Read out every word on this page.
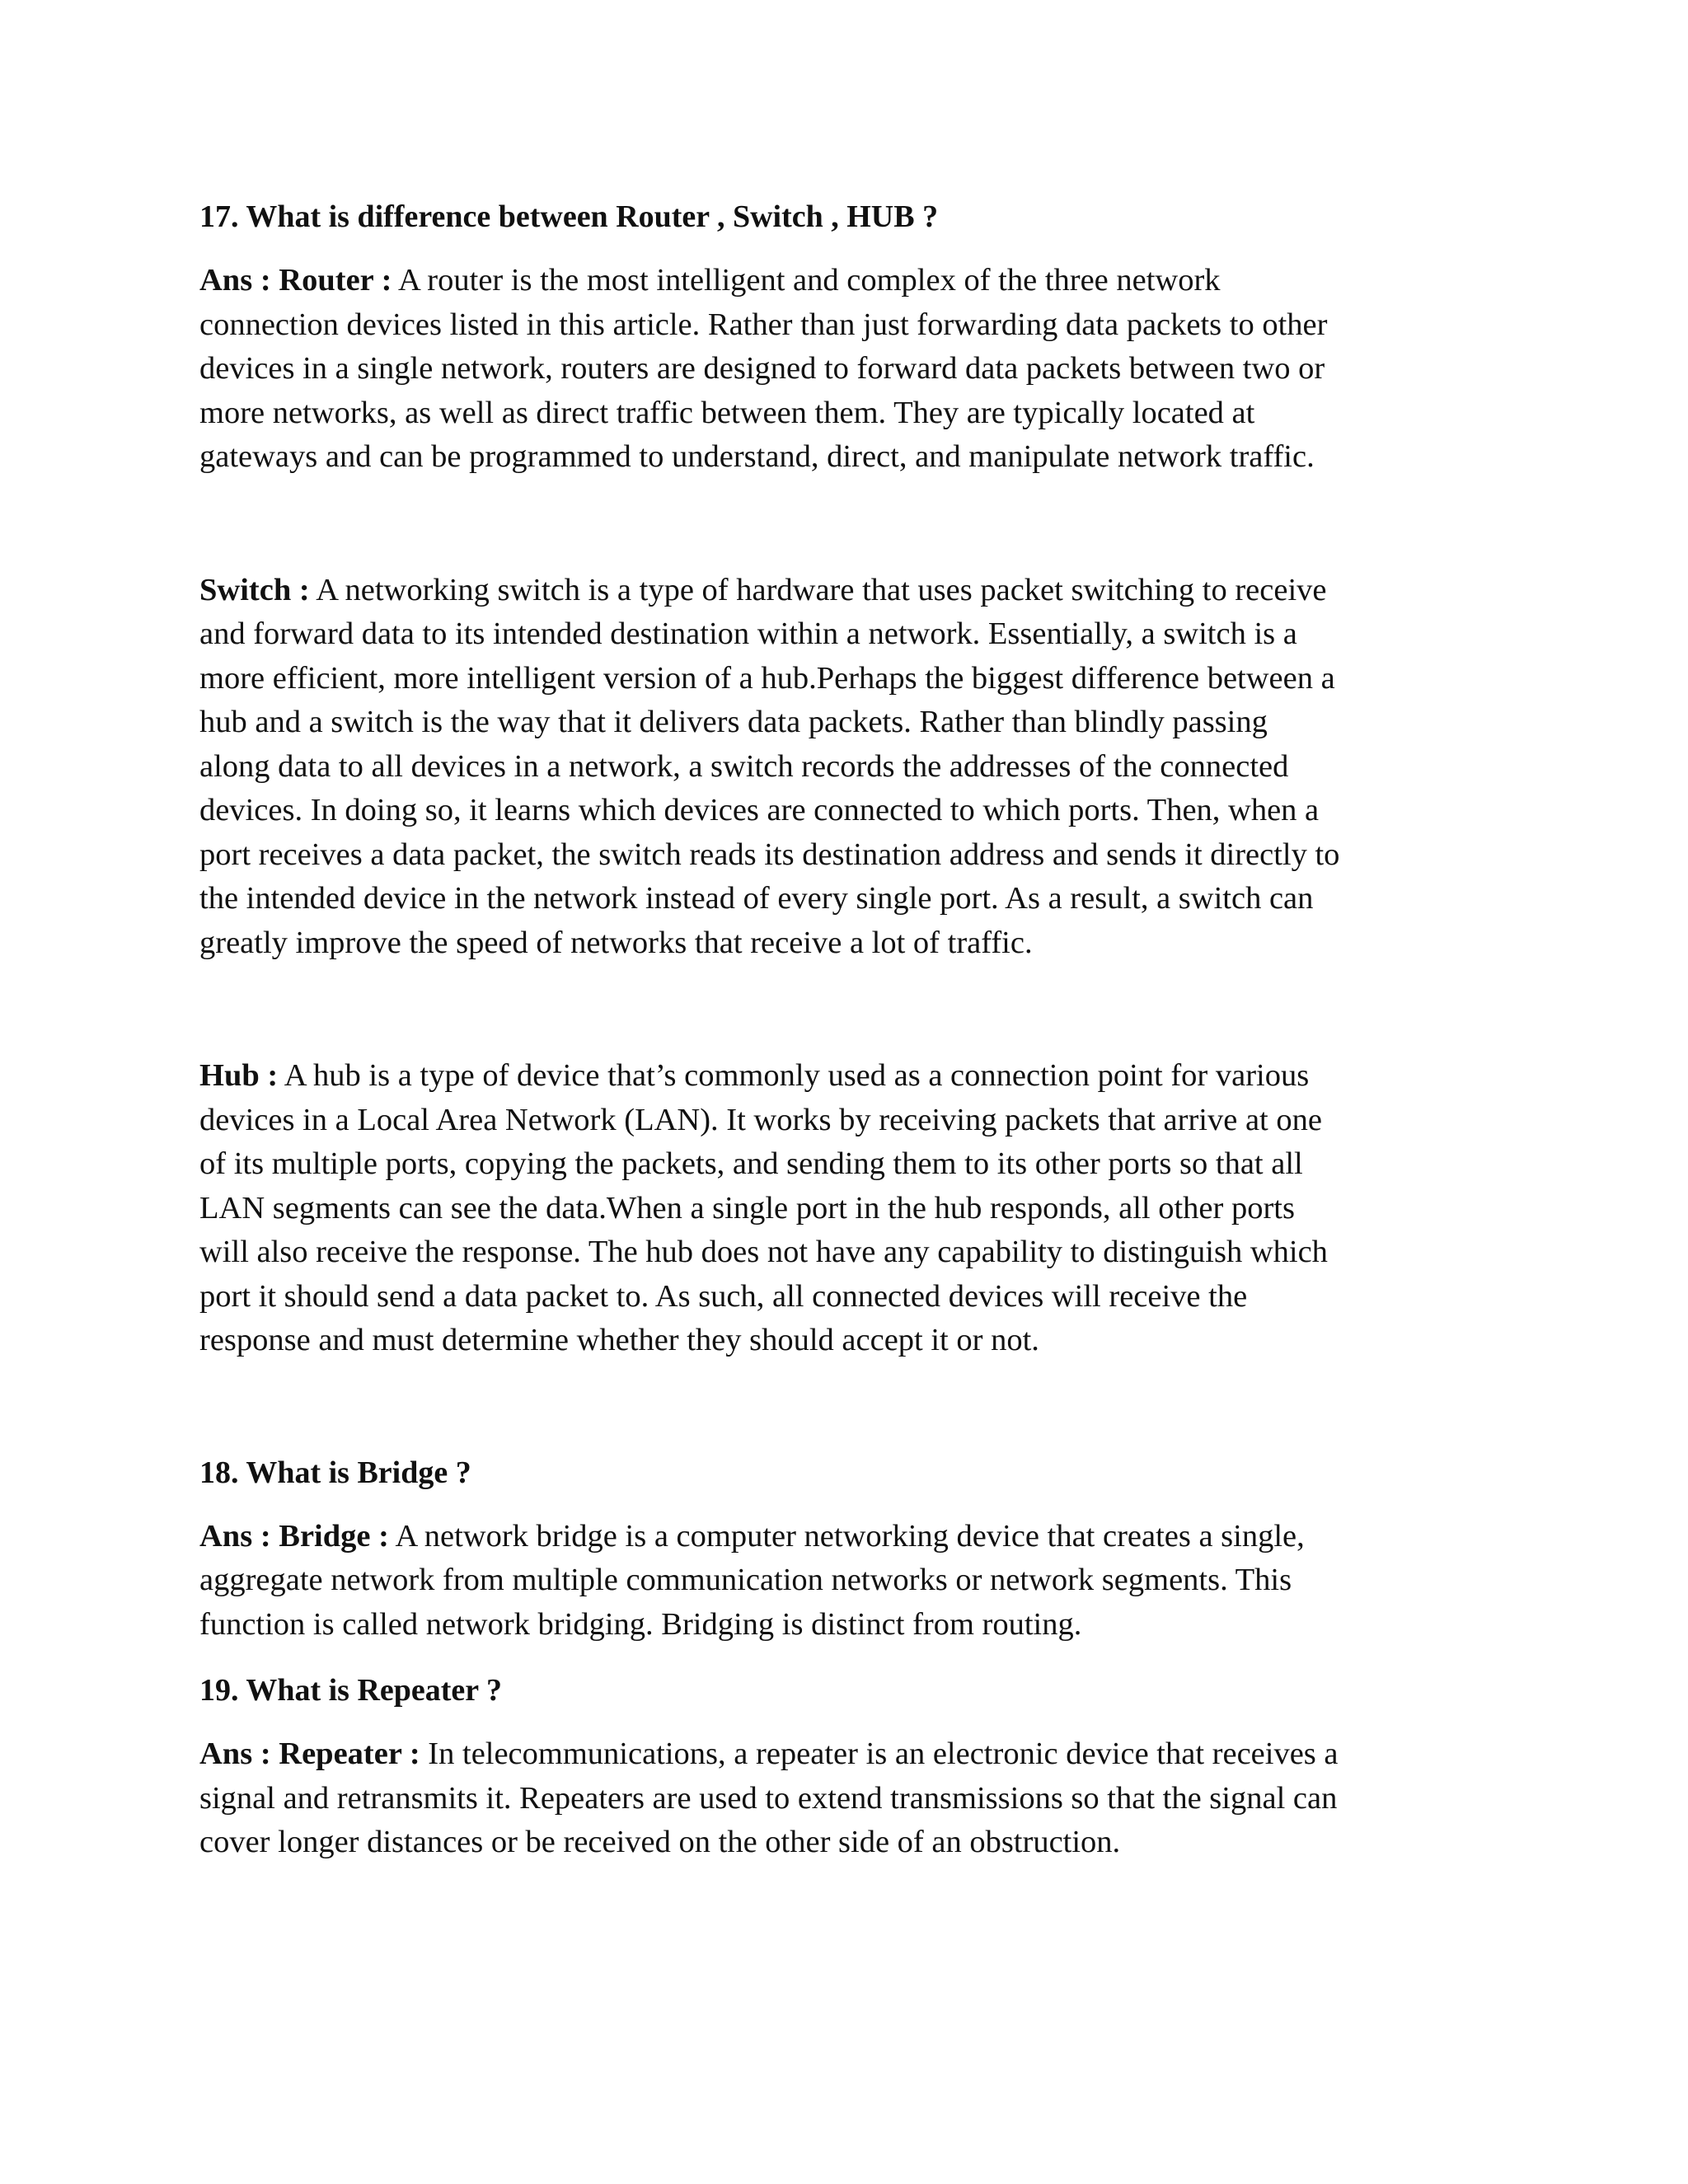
17. What is difference between Router , Switch , HUB ?

Ans : Router : A router is the most intelligent and complex of the three network
connection devices listed in this article. Rather than just forwarding data packets to other
devices in a single network, routers are designed to forward data packets between two or
more networks, as well as direct traffic between them. They are typically located at
gateways and can be programmed to understand, direct, and manipulate network traffic.

Switch : A networking switch is a type of hardware that uses packet switching to receive
and forward data to its intended destination within a network. Essentially, a switch is a
more efficient, more intelligent version of a hub.Perhaps the biggest difference between a
hub and a switch is the way that it delivers data packets. Rather than blindly passing
along data to all devices in a network, a switch records the addresses of the connected
devices. In doing so, it learns which devices are connected to which ports. Then, when a
port receives a data packet, the switch reads its destination address and sends it directly to
the intended device in the network instead of every single port. As a result, a switch can
greatly improve the speed of networks that receive a lot of traffic.

Hub : A hub is a type of device that’s commonly used as a connection point for various
devices in a Local Area Network (LAN). It works by receiving packets that arrive at one
of its multiple ports, copying the packets, and sending them to its other ports so that all
LAN segments can see the data.When a single port in the hub responds, all other ports
will also receive the response. The hub does not have any capability to distinguish which
port it should send a data packet to. As such, all connected devices will receive the
response and must determine whether they should accept it or not.

18. What is Bridge ?

Ans : Bridge : A network bridge is a computer networking device that creates a single,
aggregate network from multiple communication networks or network segments. This
function is called network bridging. Bridging is distinct from routing.

19. What is Repeater ?

Ans : Repeater : In telecommunications, a repeater is an electronic device that receives a
signal and retransmits it. Repeaters are used to extend transmissions so that the signal can
cover longer distances or be received on the other side of an obstruction.
